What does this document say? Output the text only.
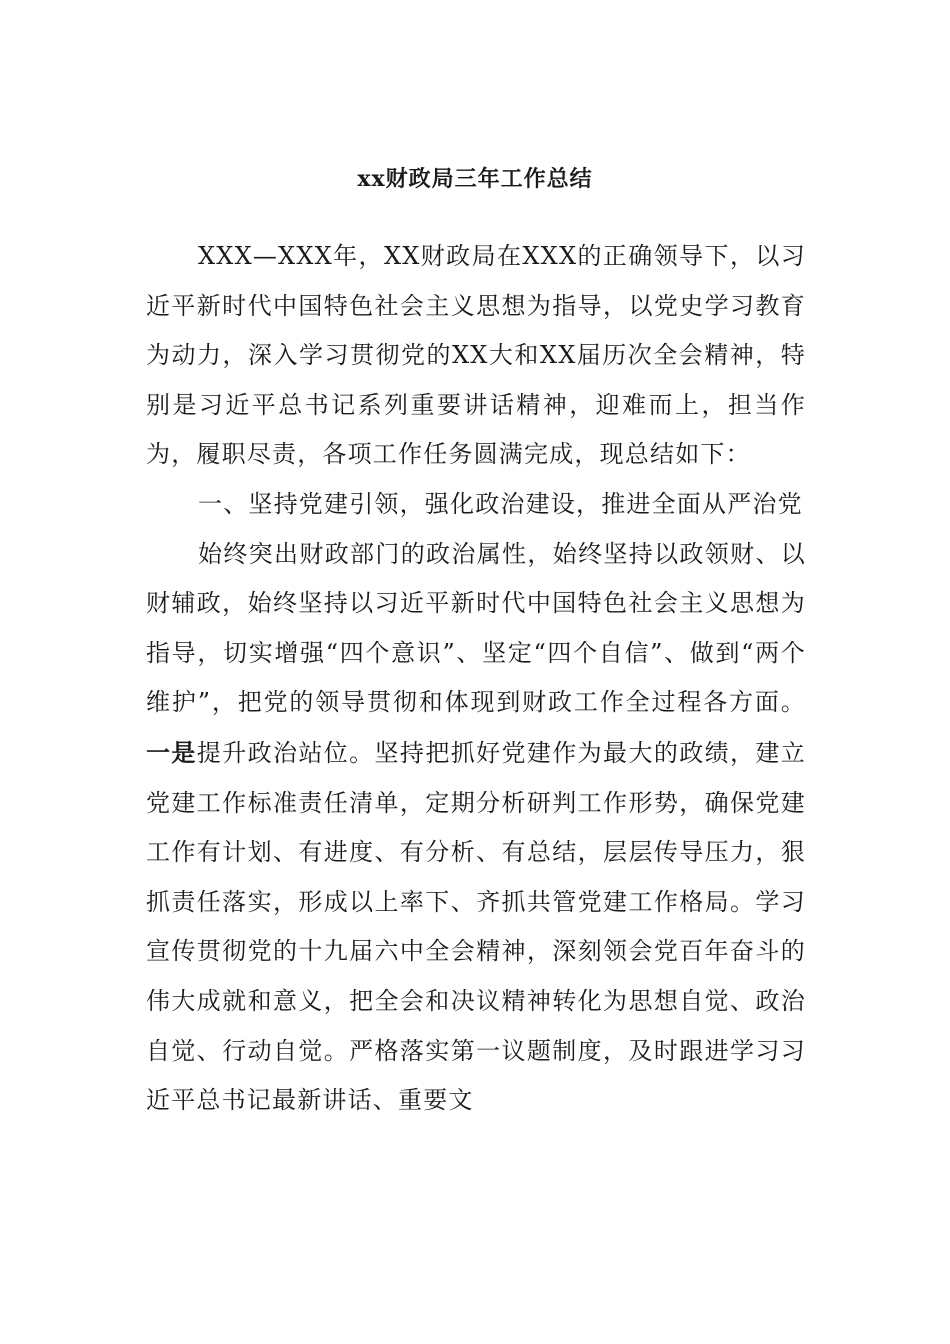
xx财政局三年工作总结

XXX—XXX年，XX财政局在XXX的正确领导下，以习近平新时代中国特色社会主义思想为指导，以党史学习教育为动力，深入学习贯彻党的XX大和XX届历次全会精神，特别是习近平总书记系列重要讲话精神，迎难而上，担当作为，履职尽责，各项工作任务圆满完成，现总结如下：

一、坚持党建引领，强化政治建设，推进全面从严治党

始终突出财政部门的政治属性，始终坚持以政领财、以财辅政，始终坚持以习近平新时代中国特色社会主义思想为指导，切实增强“四个意识”、坚定“四个自信”、做到“两个维护”，把党的领导贯彻和体现到财政工作全过程各方面。一是提升政治站位。坚持把抓好党建作为最大的政绩，建立党建工作标准责任清单，定期分析研判工作形势，确保党建工作有计划、有进度、有分析、有总结，层层传导压力，狠抓责任落实，形成以上率下、齐抓共管党建工作格局。学习宣传贯彻党的十九届六中全会精神，深刻领会党百年奋斗的伟大成就和意义，把全会和决议精神转化为思想自觉、政治自觉、行动自觉。严格落实第一议题制度，及时跟进学习习近平总书记最新讲话、重要文
